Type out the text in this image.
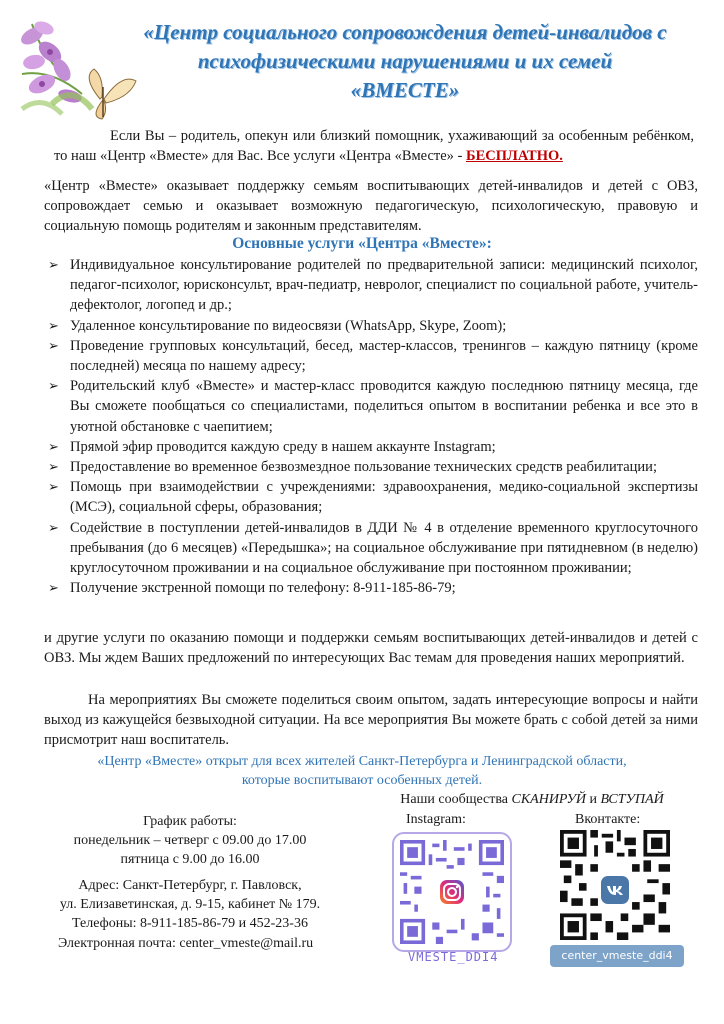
«Центр социального сопровождения детей-инвалидов с
психофизическими нарушениями и их семей
«ВМЕСТЕ»
Если Вы – родитель, опекун или близкий помощник, ухаживающий за особенным ребёнком, то наш «Центр «Вместе» для Вас. Все услуги «Центра «Вместе» - БЕСПЛАТНО.
«Центр «Вместе» оказывает поддержку семьям воспитывающих детей-инвалидов и детей с ОВЗ, сопровождает семью и оказывает возможную педагогическую, психологическую, правовую и социальную помощь родителям и законным представителям.
Основные услуги «Центра «Вместе»:
➢ Индивидуальное консультирование родителей по предварительной записи: медицинский психолог, педагог-психолог, юрисконсульт, врач-педиатр, невролог, специалист по социальной работе, учитель-дефектолог, логопед и др.;
➢ Удаленное консультирование по видеосвязи (WhatsApp, Skype, Zoom);
➢ Проведение групповых консультаций, бесед, мастер-классов, тренингов – каждую пятницу (кроме последней) месяца по нашему адресу;
➢ Родительский клуб «Вместе» и мастер-класс проводится каждую последнюю пятницу месяца, где Вы сможете пообщаться со специалистами, поделиться опытом в воспитании ребенка и все это в уютной обстановке с чаепитием;
➢ Прямой эфир проводится каждую среду в нашем аккаунте Instagram;
➢ Предоставление во временное безвозмездное пользование технических средств реабилитации;
➢ Помощь при взаимодействии с учреждениями: здравоохранения, медико-социальной экспертизы (МСЭ), социальной сферы, образования;
➢ Содействие в поступлении детей-инвалидов в ДДИ № 4 в отделение временного круглосуточного пребывания (до 6 месяцев) «Передышка»; на социальное обслуживание при пятидневном (в неделю) круглосуточном проживании и на социальное обслуживание при постоянном проживании;
➢ Получение экстренной помощи по телефону: 8-911-185-86-79;
и другие услуги по оказанию помощи и поддержки семьям воспитывающих детей-инвалидов и детей с ОВЗ. Мы ждем Ваших предложений по интересующих Вас темам для проведения наших мероприятий.
На мероприятиях Вы сможете поделиться своим опытом, задать интересующие вопросы и найти выход из кажущейся безвыходной ситуации. На все мероприятия Вы можете брать с собой детей за ними присмотрит наш воспитатель.
«Центр «Вместе» открыт для всех жителей Санкт-Петербурга и Ленинградской области,
которые воспитывают особенных детей.
График работы:
понедельник – четверг с 09.00 до 17.00
пятница с 9.00 до 16.00
Адрес: Санкт-Петербург, г. Павловск,
ул. Елизаветинская, д. 9-15, кабинет № 179.
Телефоны: 8-911-185-86-79 и 452-23-36
Электронная почта: center_vmeste@mail.ru
Наши сообщества СКАНИРУЙ и ВСТУПАЙ
Instagram:	Вконтакте:
VMESTE_DDI4	center_vmeste_ddi4
